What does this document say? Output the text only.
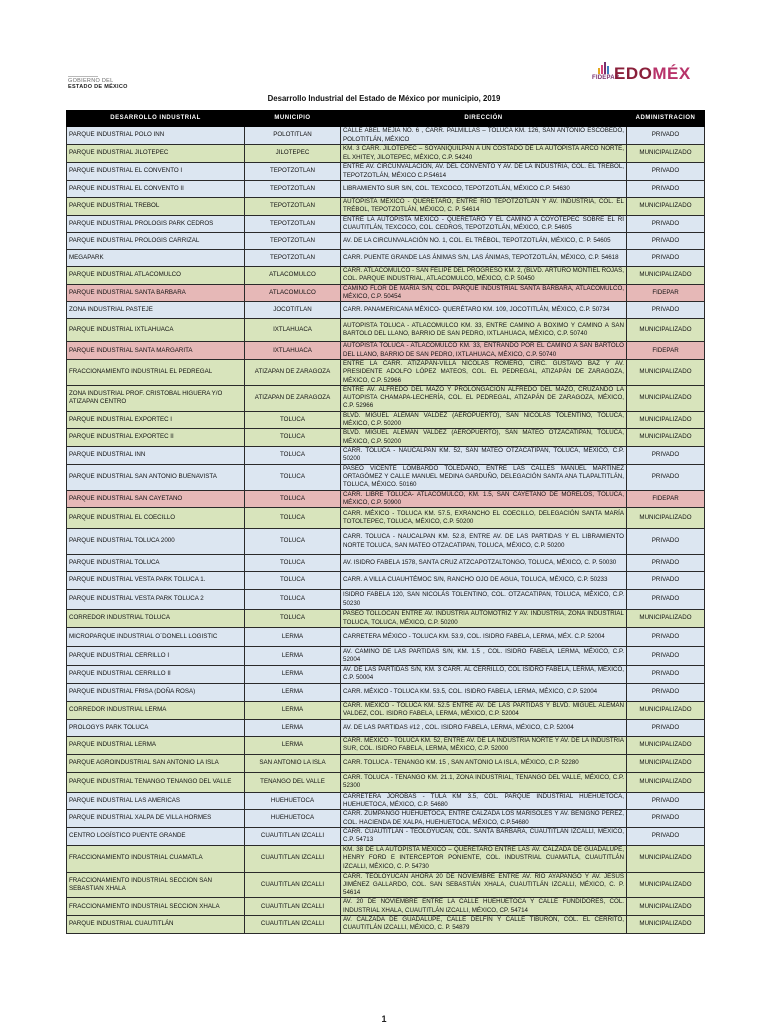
GOBIERNO DEL
ESTADO DE MÉXICO
FIDEPAR
EDOMÉX
Desarrollo Industrial del Estado de México por municipio, 2019
DESARROLLO INDUSTRIAL	MUNICIPIO	DIRECCIÓN	ADMINISTRACION
PARQUE INDUSTRIAL POLO INN	POLOTITLAN	CALLE ABEL MEJIA NO. 6 , CARR. PALMILLAS – TOLUCA KM. 126, SAN ANTONIO ESCOBEDO, POLOTITLÁN, MÉXICO	PRIVADO
PARQUE INDUSTRIAL JILOTEPEC	JILOTEPEC	KM. 3 CARR. JILOTEPEC – SOYANIQUILPAN A UN COSTADO DE LA AUTOPISTA ARCO NORTE, EL XHITEY, JILOTEPEC, MÉXICO, C.P. 54240	MUNICIPALIZADO
PARQUE INDUSTRIAL EL CONVENTO I	TEPOTZOTLAN	ENTRE AV. CIRCUNVALACIÓN, AV. DEL CONVENTO Y AV. DE LA INDUSTRIA, COL. EL TRÉBOL, TEPOTZOTLÁN, MÉXICO C.P.54614	PRIVADO
PARQUE INDUSTRIAL EL CONVENTO II	TEPOTZOTLAN	LIBRAMIENTO SUR S/N, COL. TEXCOCO, TEPOTZOTLÁN, MÉXICO C.P. 54630	PRIVADO
PARQUE INDUSTRIAL TREBOL	TEPOTZOTLAN	AUTOPISTA MÉXICO - QUERÉTARO, ENTRE RÍO TEPOTZOTLÁN Y AV. INDUSTRIA, COL. EL TRÉBOL, TEPOTZOTLÁN, MÉXICO, C. P. 54614	MUNICIPALIZADO
PARQUE INDUSTRIAL PROLOGIS PARK CEDROS	TEPOTZOTLAN	ENTRE LA AUTOPISTA MÉXICO - QUERÉTARO Y EL CAMINO A COYOTEPEC SOBRE EL RÍ CUAUTITLÁN, TEXCOCO, COL. CEDROS, TEPOTZOTLÁN, MÉXICO, C.P. 54605	PRIVADO
PARQUE INDUSTRIAL PROLOGIS CARRIZAL	TEPOTZOTLAN	AV. DE LA CIRCUNVALACIÓN NO. 1, COL. EL TRÉBOL, TEPOTZOTLÁN, MÉXICO, C. P. 54605	PRIVADO
MEGAPARK	TEPOTZOTLAN	CARR. PUENTE GRANDE LAS ÁNIMAS S/N, LAS ÁNIMAS, TEPOTZOTLÁN, MÉXICO, C.P. 54618	PRIVADO
PARQUE INDUSTRIAL ATLACOMULCO	ATLACOMULCO	CARR. ATLACOMULCO - SAN FELIPE DEL PROGRESO KM. 2, (BLVD. ARTURO MONTIEL ROJAS, COL. PARQUE INDUSTRIAL, ATLACOMULCO, MÉXICO, C.P. 50450	MUNICIPALIZADO
PARQUE INDUSTRIAL SANTA BARBARA	ATLACOMULCO	CAMINO FLOR DE MARÍA S/N, COL. PARQUE INDUSTRIAL SANTA BÁRBARA, ATLACOMULCO, MÉXICO, C.P. 50454	FIDEPAR
ZONA INDUSTRIAL PASTEJE	JOCOTITLAN	CARR. PANAMERICANA MÉXICO- QUERÉTARO KM. 109, JOCOTITLÁN, MÉXICO, C.P. 50734	PRIVADO
PARQUE INDUSTRIAL IXTLAHUACA	IXTLAHUACA	AUTOPISTA TOLUCA - ATLACOMULCO KM. 33, ENTRE CAMINO A BOXIMO Y CAMINO A SAN BARTOLO DEL LLANO, BARRIO DE SAN PEDRO, IXTLAHUACA, MÉXICO, C.P. 50740	MUNICIPALIZADO
PARQUE INDUSTRIAL SANTA MARGARITA	IXTLAHUACA	AUTOPISTA TOLUCA - ATLACOMULCO KM. 33, ENTRANDO POR EL CAMINO A SAN BARTOLO DEL LLANO, BARRIO DE SAN PEDRO, IXTLAHUACA, MÉXICO, C.P. 50740	FIDEPAR
FRACCIONAMIENTO INDUSTRIAL EL PEDREGAL	ATIZAPAN DE ZARAGOZA	ENTRE LA CARR. ATIZAPÁN-VILLA NICOLÁS ROMERO, CIRC. GUSTAVO BAZ Y AV. PRESIDENTE ADOLFO LÓPEZ MATEOS, COL. EL PEDREGAL, ATIZAPÁN DE ZARAGOZA, MÉXICO, C.P. 52966	MUNICIPALIZADO
ZONA INDUSTRIAL PROF. CRISTOBAL HIGUERA Y/O ATIZAPAN CENTRO	ATIZAPAN DE ZARAGOZA	ENTRE AV. ALFREDO DEL MAZO Y PROLONGACIÓN ALFREDO DEL MAZO, CRUZANDO LA AUTOPISTA CHAMAPA-LECHERÍA, COL. EL PEDREGAL, ATIZAPÁN DE ZARAGOZA, MÉXICO, C.P. 52966	MUNICIPALIZADO
PARQUE INDUSTRIAL EXPORTEC I	TOLUCA	BLVD. MIGUEL ALEMÁN VALDEZ (AEROPUERTO), SAN NICOLÁS TOLENTINO, TOLUCA, MÉXICO, C.P. 50200	MUNICIPALIZADO
PARQUE INDUSTRIAL EXPORTEC II	TOLUCA	BLVD. MIGUEL ALEMÁN VALDEZ (AEROPUERTO), SAN MATEO OTZACATIPAN, TOLUCA, MÉXICO, C.P. 50200	MUNICIPALIZADO
PARQUE INDUSTRIAL INN	TOLUCA	CARR. TOLUCA - NAUCALPAN KM. 52, SAN MATEO OTZACATIPAN, TOLUCA, MÉXICO, C.P. 50200	PRIVADO
PARQUE INDUSTRIAL SAN ANTONIO BUENAVISTA	TOLUCA	PASEO VICENTE LOMBARDO TOLEDANO, ENTRE LAS CALLES MANUEL MARTÍNEZ ORTAGÓMEZ Y CALLE MANUEL MEDINA GARDUÑO, DELEGACIÓN SANTA ANA TLAPALTITLÁN, TOLUCA, MÉXICO. 50160	PRIVADO
PARQUE INDUSTRIAL SAN CAYETANO	TOLUCA	CARR. LIBRE TOLUCA- ATLACOMULCO, KM. 1.5, SAN CAYETANO DE MORELOS, TOLUCA, MÉXICO, C.P. 50900	FIDEPAR
PARQUE INDUSTRIAL EL COECILLO	TOLUCA	CARR. MÉXICO - TOLUCA KM. 57.5, EXRANCHO EL COECILLO, DELEGACIÓN SANTA MARÍA TOTOLTEPEC, TOLUCA, MÉXICO, C.P. 50200	MUNICIPALIZADO
PARQUE INDUSTRIAL TOLUCA 2000	TOLUCA	CARR. TOLUCA - NAUCALPAN KM. 52.8, ENTRE AV. DE LAS PARTIDAS Y EL LIBRAMIENTO NORTE TOLUCA, SAN MATEO OTZACATIPAN, TOLUCA, MÉXICO, C.P. 50200	PRIVADO
PARQUE INDUSTRIAL TOLUCA	TOLUCA	AV. ISIDRO FABELA 1578, SANTA CRUZ ATZCAPOTZALTONGO, TOLUCA, MÉXICO, C. P. 50030	PRIVADO
PARQUE INDUSTRIAL VESTA PARK TOLUCA 1.	TOLUCA	CARR. A VILLA CUAUHTÉMOC S/N, RANCHO OJO DE AGUA, TOLUCA, MÉXICO, C.P. 50233	PRIVADO
PARQUE INDUSTRIAL VESTA PARK TOLUCA 2	TOLUCA	ISIDRO FABELA 120, SAN NICOLÁS TOLENTINO, COL. OTZACATIPAN, TOLUCA, MÉXICO, C.P. 50230	PRIVADO
CORREDOR INDUSTRIAL TOLUCA	TOLUCA	PASEO TOLLOCAN ENTRE AV. INDUSTRIA AUTOMOTRIZ Y AV. INDUSTRIA, ZONA INDUSTRIAL TOLUCA, TOLUCA, MÉXICO, C.P. 50200	MUNICIPALIZADO
MICROPARQUE INDUSTRIAL O´DONELL LOGISTIC	LERMA	CARRETERA MÉXICO - TOLUCA KM. 53.9, COL. ISIDRO FABELA, LERMA, MÉX. C.P. 52004	PRIVADO
PARQUE INDUSTRIAL CERRILLO I	LERMA	AV. CAMINO DE LAS PARTIDAS S/N, KM. 1.5 , COL. ISIDRO FABELA, LERMA, MÉXICO, C.P. 52004	PRIVADO
PARQUE INDUSTRIAL CERRILLO II	LERMA	AV. DE LAS PARTIDAS S/N, KM. 3 CARR. AL CERRILLO, COL ISIDRO FABELA, LERMA, MÉXICO, C.P. 50004	PRIVADO
PARQUE INDUSTRIAL FRISA (DOÑA ROSA)	LERMA	CARR. MÉXICO - TOLUCA KM. 53.5, COL. ISIDRO FABELA, LERMA, MÉXICO, C.P. 52004	PRIVADO
CORREDOR INDUSTRIAL LERMA	LERMA	CARR. MÉXICO - TOLUCA KM. 52.5 ENTRE AV. DE LAS PARTIDAS Y BLVD. MIGUEL ALEMÁN VALDEZ, COL. ISIDRO FABELA, LERMA, MÉXICO, C.P. 52004	MUNICIPALIZADO
PROLOGYS PARK TOLUCA	LERMA	AV. DE LAS PARTIDAS #12 , COL. ISIDRO FABELA, LERMA, MÉXICO, C.P. 52004	PRIVADO
PARQUE INDUSTRIAL LERMA	LERMA	CARR. MÉXICO - TOLUCA KM. 52, ENTRE AV. DE LA INDUSTRIA NORTE Y AV. DE LA INDUSTRIA SUR, COL. ISIDRO FABELA, LERMA, MÉXICO, C.P. 52000	MUNICIPALIZADO
PARQUE AGROINDUSTRIAL SAN ANTONIO LA ISLA	SAN ANTONIO LA ISLA	CARR. TOLUCA - TENANGO KM. 15 , SAN ANTONIO LA ISLA, MÉXICO, C.P. 52280	MUNICIPALIZADO
PARQUE INDUSTRIAL TENANGO TENANGO DEL VALLE	TENANGO DEL VALLE	CARR. TOLUCA - TENANGO KM. 21.1, ZONA INDUSTRIAL, TENANGO DEL VALLE, MÉXICO, C.P. 52300	MUNICIPALIZADO
PARQUE INDUSTRIAL LAS AMERICAS	HUEHUETOCA	CARRETERA JOROBAS - TULA KM 3.5, COL. PARQUE INDUSTRIAL HUEHUETOCA, HUEHUETOCA, MÉXICO, C.P. 54680	PRIVADO
PARQUE INDUSTRIAL XALPA DE VILLA HORMES	HUEHUETOCA	CARR. ZUMPANGO HUEHUETOCA, ENTRE CALZADA LOS MARISOLES Y AV. BENIGNO PÉREZ, COL. HACIENDA DE XALPA, HUEHUETOCA, MÉXICO, C.P.54680	PRIVADO
CENTRO LOGÍSTICO PUENTE GRANDE	CUAUTITLAN IZCALLI	CARR. CUAUTITLÁN - TEOLOYUCAN, COL. SANTA BÁRBARA, CUAUTITLÁN IZCALLI, MÉXICO, C.P. 54713	PRIVADO
FRACCIONAMIENTO INDUSTRIAL CUAMATLA	CUAUTITLAN IZCALLI	KM. 38 DE LA AUTOPISTA MÉXICO – QUERÉTARO ENTRE LAS AV. CALZADA DE GUADALUPE, HENRY FORD E INTERCEPTOR PONIENTE, COL. INDUSTRIAL CUAMATLA, CUAUTITLÁN IZCALLI, MÉXICO, C. P. 54730	MUNICIPALIZADO
FRACCIONAMIENTO INDUSTRIAL SECCION SAN SEBASTIAN XHALA	CUAUTITLAN IZCALLI	CARR. TEOLOYUCAN AHORA 20 DE NOVIEMBRE ENTRE AV. RÍO AYAPANGO Y AV. JESÚS JIMÉNEZ GALLARDO, COL. SAN SEBASTIÁN XHALA, CUAUTITLÁN IZCALLI, MÉXICO, C. P. 54614	MUNICIPALIZADO
FRACCIONAMIENTO INDUSTRIAL SECCION XHALA	CUAUTITLAN IZCALLI	AV. 20 DE NOVIEMBRE ENTRE LA CALLE HUEHUETOCA Y CALLE FUNDIDORES, COL. INDUSTRIAL XHALA, CUAUTITLÁN IZCALLI, MÉXICO, CP. 54714	MUNICIPALIZADO
PARQUE INDUSTRIAL CUAUTITLÁN	CUAUTITLAN IZCALLI	AV. CALZADA DE GUADALUPE, CALLE DELFÍN Y CALLE TIBURÓN, COL. EL CERRITO, CUAUTITLÁN IZCALLI, MÉXICO, C. P. 54879	MUNICIPALIZADO
1
